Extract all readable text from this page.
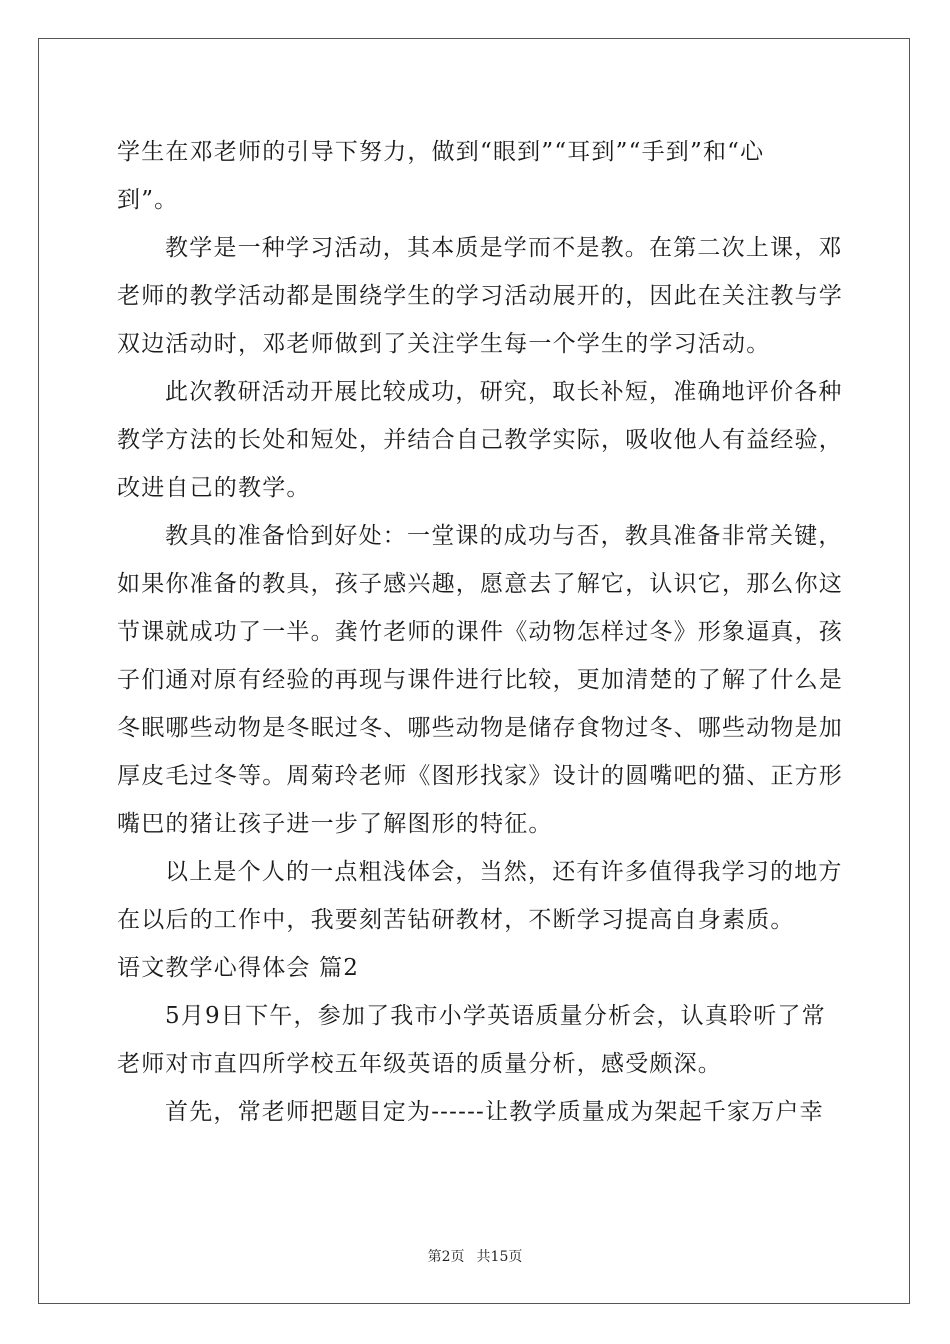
学生在邓老师的引导下努力，做到“眼到”“耳到”“手到”和“心
到”。
教学是一种学习活动，其本质是学而不是教。在第二次上课，邓
老师的教学活动都是围绕学生的学习活动展开的，因此在关注教与学
双边活动时，邓老师做到了关注学生每一个学生的学习活动。
此次教研活动开展比较成功，研究，取长补短，准确地评价各种
教学方法的长处和短处，并结合自己教学实际，吸收他人有益经验，
改进自己的教学。
教具的准备恰到好处：一堂课的成功与否，教具准备非常关键，
如果你准备的教具，孩子感兴趣，愿意去了解它，认识它，那么你这
节课就成功了一半。龚竹老师的课件《动物怎样过冬》形象逼真，孩
子们通对原有经验的再现与课件进行比较，更加清楚的了解了什么是
冬眠哪些动物是冬眠过冬、哪些动物是储存食物过冬、哪些动物是加
厚皮毛过冬等。周菊玲老师《图形找家》设计的圆嘴吧的猫、正方形
嘴巴的猪让孩子进一步了解图形的特征。
以上是个人的一点粗浅体会，当然，还有许多值得我学习的地方
在以后的工作中，我要刻苦钻研教材，不断学习提高自身素质。
语文教学心得体会 篇2
5月9日下午，参加了我市小学英语质量分析会，认真聆听了常
老师对市直四所学校五年级英语的质量分析，感受颇深。
首先，常老师把题目定为------让教学质量成为架起千家万户幸
第2页 共15页
